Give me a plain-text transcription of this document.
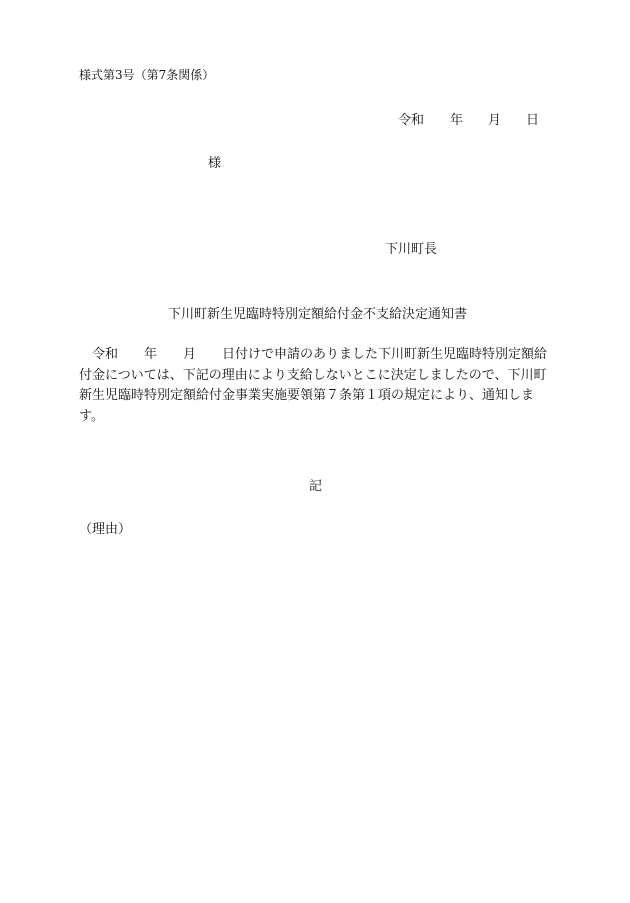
様式第3号（第7条関係）
令和	年	月	日
様
下川町長
下川町新生児臨時特別定額給付金不支給決定通知書
　令和　　年　　月　　日付けで申請のありました下川町新生児臨時特別定額給
付金については、下記の理由により支給しないとこに決定しましたので、下川町
新生児臨時特別定額給付金事業実施要領第７条第１項の規定により、通知しま
す。
記
（理由）
